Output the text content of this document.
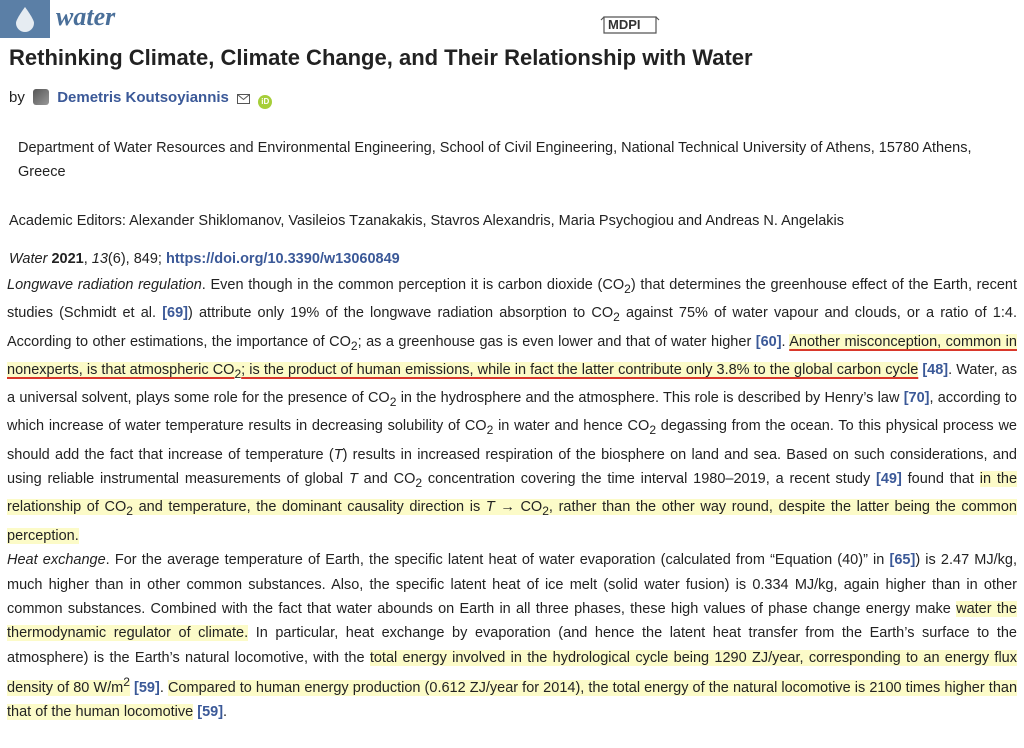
water	MDPI
Rethinking Climate, Climate Change, and Their Relationship with Water
by Demetris Koutsoyiannis	iD
Department of Water Resources and Environmental Engineering, School of Civil Engineering, National Technical University of Athens, 15780 Athens, Greece
Academic Editors: Alexander Shiklomanov, Vasileios Tzanakakis, Stavros Alexandris, Maria Psychogiou and Andreas N. Angelakis
Water 2021, 13(6), 849; https://doi.org/10.3390/w13060849

Longwave radiation regulation. Even though in the common perception it is carbon dioxide $(CO_2)$ that determines the greenhouse effect of the Earth, recent studies (Schmidt et al. [69]) attribute only 19% of the longwave radiation absorption to $CO_2$ against 75% of water vapour and clouds, or a ratio of 1:4. According to other estimations, the importance of $CO_2$; as a greenhouse gas is even lower and that of water higher [60]. Another misconception, common in nonexperts, is that atmospheric $CO_2$; is the product of human emissions, while in fact the latter contribute only 3.8% to the global carbon cycle [48]. Water, as a universal solvent, plays some role for the presence of $CO_2$ in the hydrosphere and the atmosphere. This role is described by Henry’s law [70], according to which increase of water temperature results in decreasing solubility of $CO_2$ in water and hence $CO_2$ degassing from the ocean. To this physical process we should add the fact that increase of temperature (T) results in increased respiration of the biosphere on land and sea. Based on such considerations, and using reliable instrumental measurements of global T and $CO_2$ concentration covering the time interval 1980–2019, a recent study [49] found that in the relationship of $CO_2$ and temperature, the dominant causality direction is $T \to CO_2$, rather than the other way round, despite the latter being the common perception.

Heat exchange. For the average temperature of Earth, the specific latent heat of water evaporation (calculated from “Equation (40)” in [65]) is 2.47 MJ/kg, much higher than in other common substances. Also, the specific latent heat of ice melt (solid water fusion) is 0.334 MJ/kg, again higher than in other common substances. Combined with the fact that water abounds on Earth in all three phases, these high values of phase change energy make water the thermodynamic regulator of climate. In particular, heat exchange by evaporation (and hence the latent heat transfer from the Earth’s surface to the atmosphere) is the Earth’s natural locomotive, with the total energy involved in the hydrological cycle being 1290 ZJ/year, corresponding to an energy flux density of 80 $W/m^2$ [59]. Compared to human energy production (0.612 ZJ/year for 2014), the total energy of the natural locomotive is 2100 times higher than that of the human locomotive [59].
